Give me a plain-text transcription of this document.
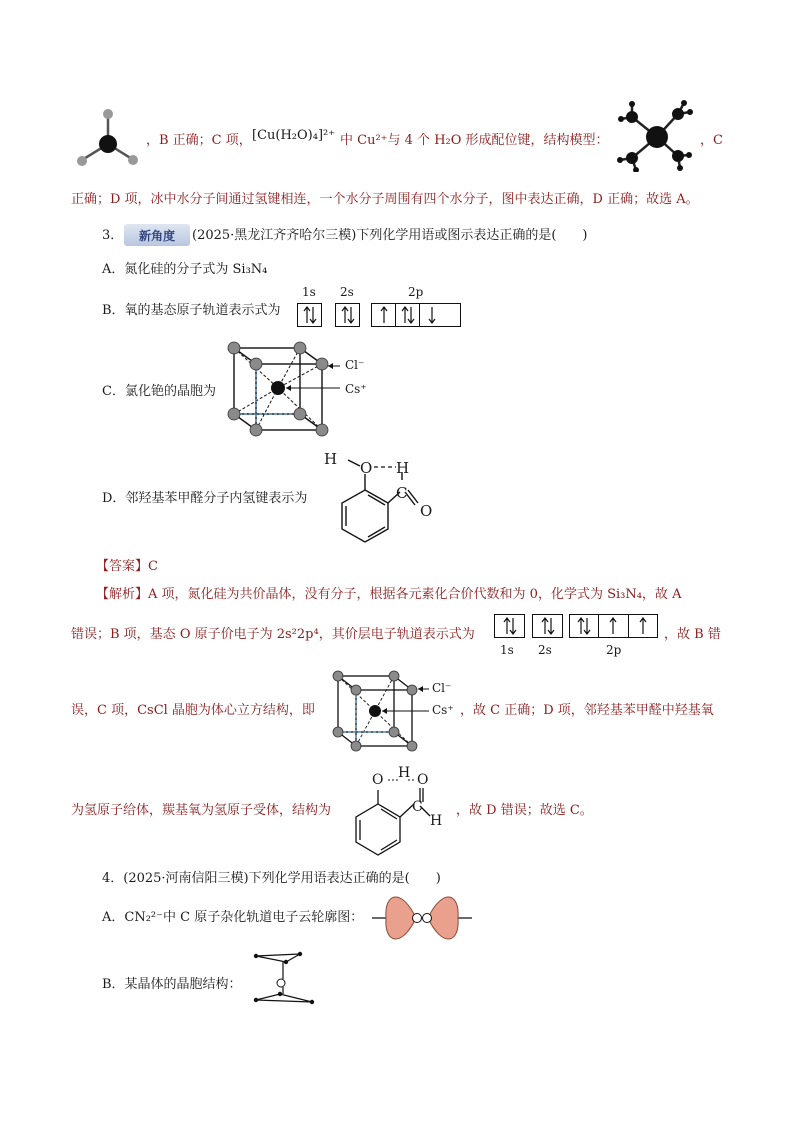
，B 正确；C 项， [Cu(H₂O)₄]²⁺ 中 Cu²⁺与 4 个 H₂O 形成配位键，结构模型：	，C
正确；D 项，冰中水分子间通过氢键相连，一个水分子周围有四个水分子，图中表达正确，D 正确；故选 A。
3．	新角度	(2025·黑龙江齐齐哈尔三模)下列化学用语或图示表达正确的是(　　)
A．氮化硅的分子式为 Si₃N₄
B．氧的基态原子轨道表示式为
1s 2s	2p
C．氯化铯的晶胞为
Cl⁻
Cs⁺
D．邻羟基苯甲醛分子内氢键表示为
H O H
C
O
【答案】C
【解析】A 项，氮化硅为共价晶体，没有分子，根据各元素化合价代数和为 0，化学式为 Si₃N₄，故 A
错误；B 项，基态 O 原子价电子为 2s²2p⁴，其价层电子轨道表示式为
1s 2s	2p
，故 B 错
误，C 项，CsCl 晶胞为体心立方结构，即
Cl⁻
Cs⁺ ，故 C 正确；D 项，邻羟基苯甲醛中羟基氧
为氢原子给体，羰基氧为氢原子受体，结构为
O H O
C
H
，故 D 错误；故选 C。
4．(2025·河南信阳三模)下列化学用语表达正确的是(　　)
A．CN₂²⁻中 C 原子杂化轨道电子云轮廓图：
B．某晶体的晶胞结构：
